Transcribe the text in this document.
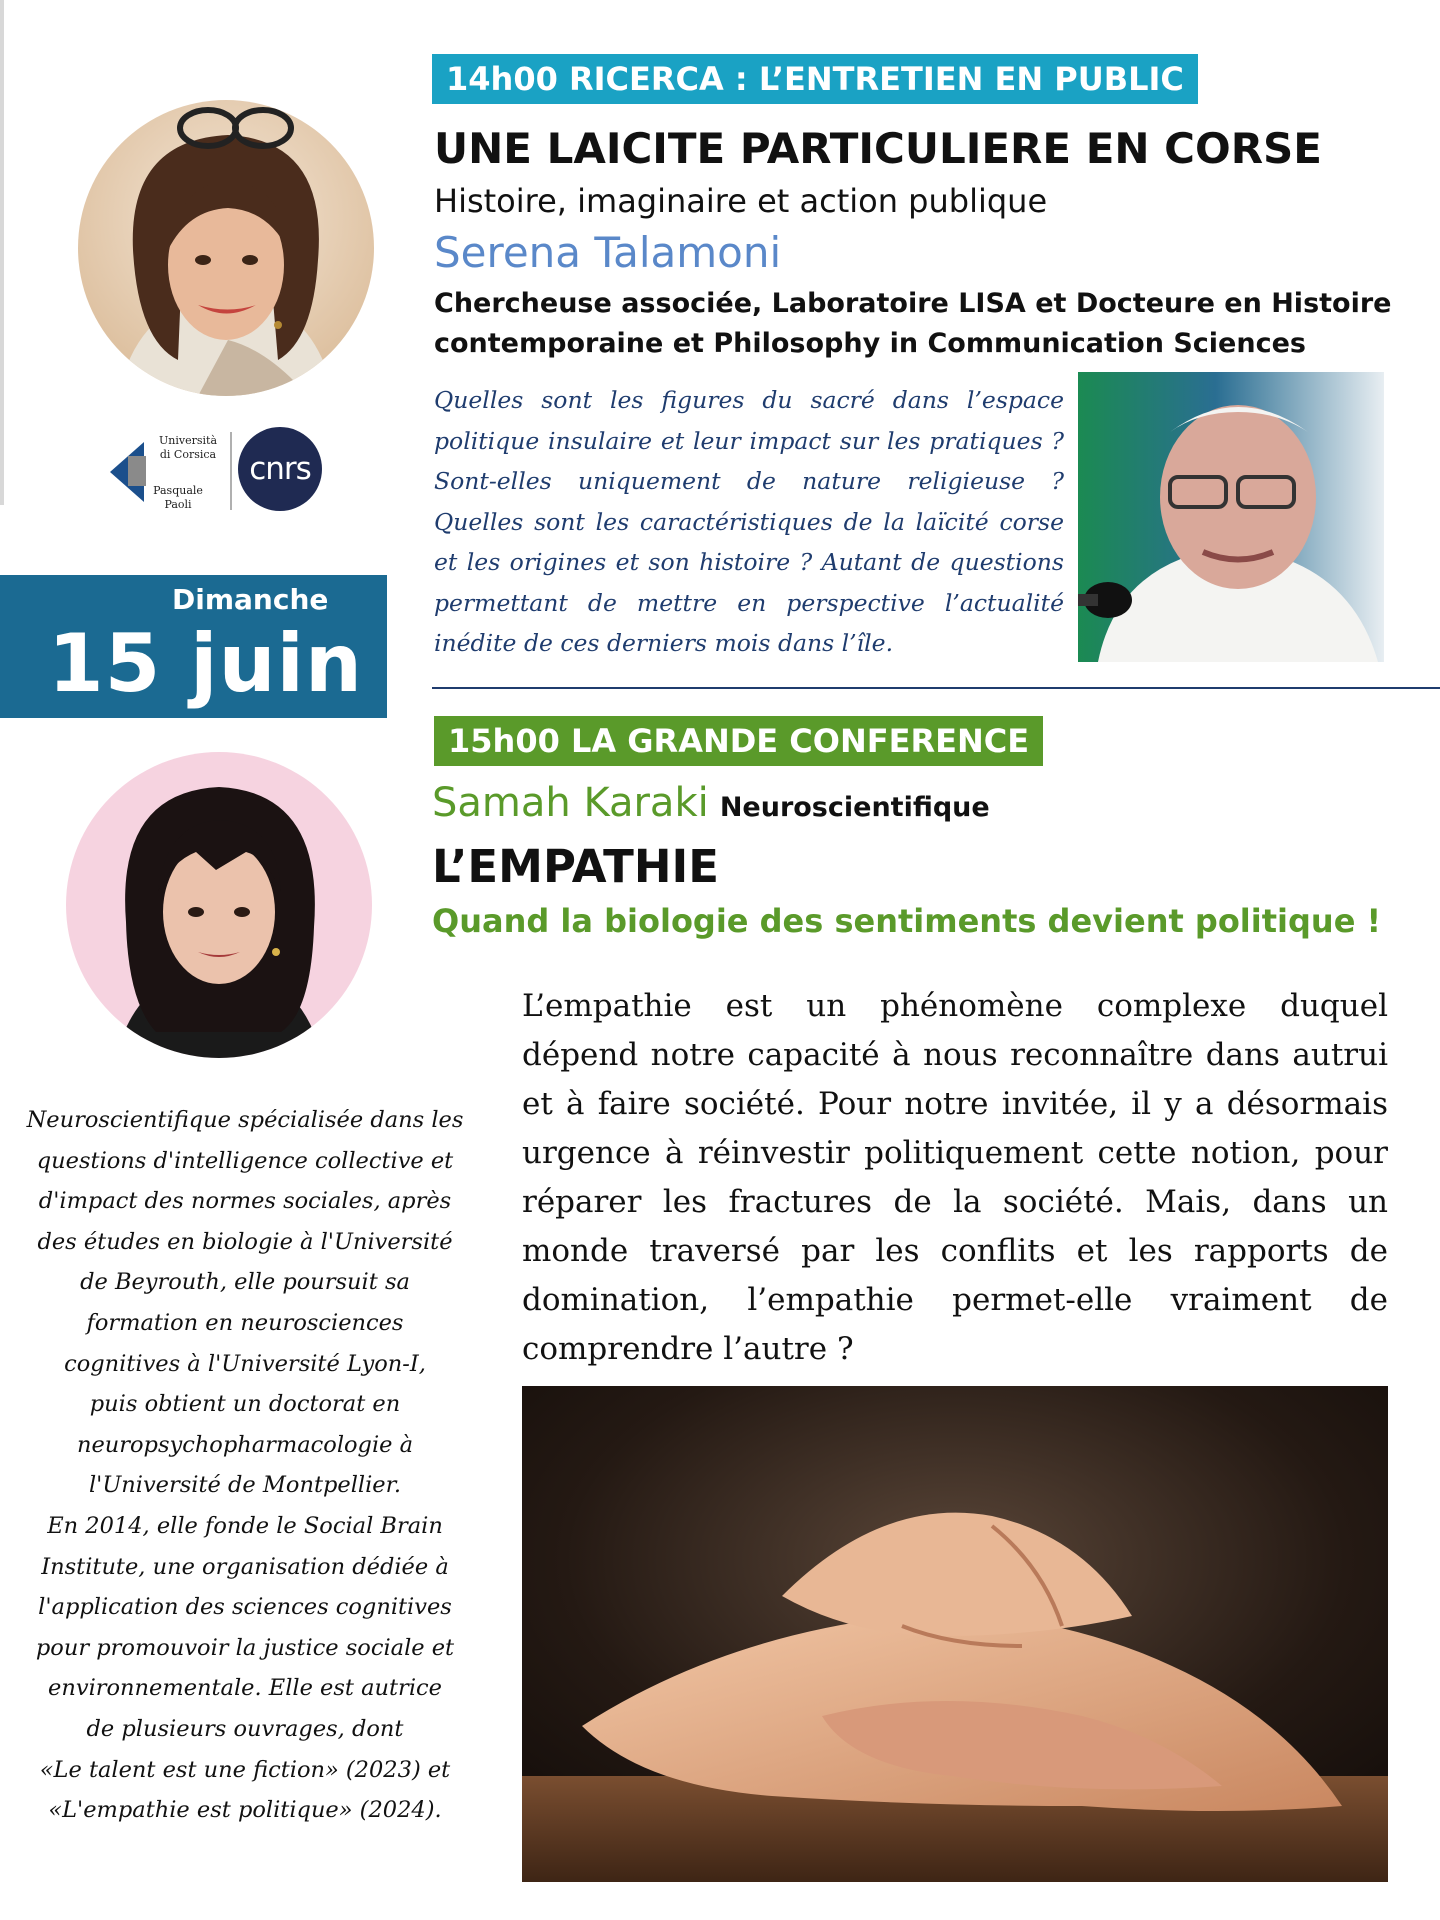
Università
di Corsica
Pasquale
Paoli
cnrs
Dimanche
15 juin
14h00 RICERCA : L’ENTRETIEN EN PUBLIC
UNE LAICITE PARTICULIERE EN CORSE
Histoire, imaginaire et action publique
Serena Talamoni
Chercheuse associée, Laboratoire LISA et Docteure en Histoire contemporaine et Philosophy in Communication Sciences
Quelles sont les figures du sacré dans l’espace politique insulaire et leur impact sur les pratiques ? Sont-elles uniquement de nature religieuse ? Quelles sont les caractéristiques de la laïcité corse et les origines et son histoire ? Autant de questions permettant de mettre en perspective l’actualité inédite de ces derniers mois dans l’île.
15h00 LA GRANDE CONFERENCE
Samah Karaki Neuroscientifique
L’EMPATHIE
Quand la biologie des sentiments devient politique !
L’empathie est un phénomène complexe duquel dépend notre capacité à nous reconnaître dans autrui et à faire société. Pour notre invitée, il y a désormais urgence à réinvestir politiquement cette notion, pour réparer les fractures de la société. Mais, dans un monde traversé par les conflits et les rapports de domination, l’empathie permet-elle vraiment de comprendre l’autre ?
Neuroscientifique spécialisée dans les
questions d'intelligence collective et
d'impact des normes sociales, après
des études en biologie à l'Université
de Beyrouth, elle poursuit sa
formation en neurosciences
cognitives à l'Université Lyon-I,
puis obtient un doctorat en
neuropsychopharmacologie à
l'Université de Montpellier.
En 2014, elle fonde le Social Brain
Institute, une organisation dédiée à
l'application des sciences cognitives
pour promouvoir la justice sociale et
environnementale. Elle est autrice
de plusieurs ouvrages, dont
«Le talent est une fiction» (2023) et
«L'empathie est politique» (2024).
